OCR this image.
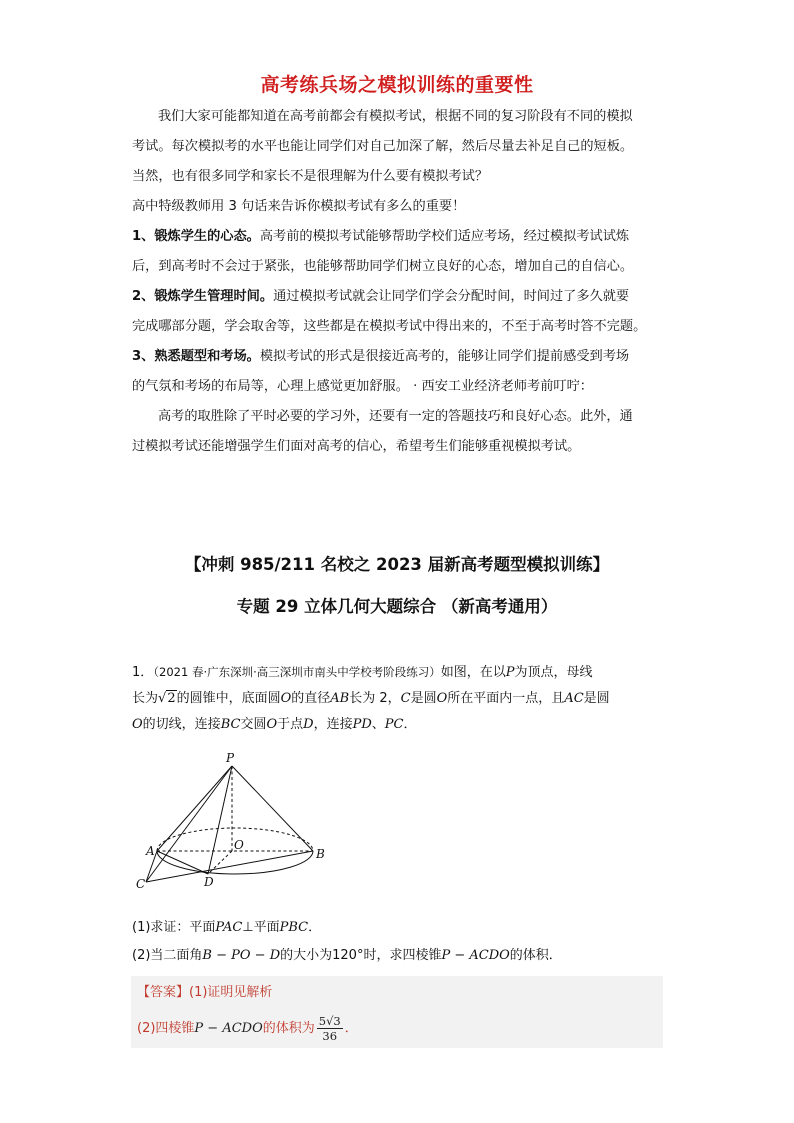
高考练兵场之模拟训练的重要性

我们大家可能都知道在高考前都会有模拟考试，根据不同的复习阶段有不同的模拟

考试。每次模拟考的水平也能让同学们对自己加深了解，然后尽量去补足自己的短板。

当然，也有很多同学和家长不是很理解为什么要有模拟考试？

高中特级教师用 3 句话来告诉你模拟考试有多么的重要！

1、锻炼学生的心态。高考前的模拟考试能够帮助学校们适应考场，经过模拟考试试炼

后，到高考时不会过于紧张，也能够帮助同学们树立良好的心态，增加自己的自信心。

2、锻炼学生管理时间。通过模拟考试就会让同学们学会分配时间，时间过了多久就要

完成哪部分题，学会取舍等，这些都是在模拟考试中得出来的，不至于高考时答不完题。

3、熟悉题型和考场。模拟考试的形式是很接近高考的，能够让同学们提前感受到考场

的气氛和考场的布局等，心理上感觉更加舒服。 · 西安工业经济老师考前叮咛：

高考的取胜除了平时必要的学习外，还要有一定的答题技巧和良好心态。此外，通

过模拟考试还能增强学生们面对高考的信心，希望考生们能够重视模拟考试。

【冲刺 985/211 名校之 2023 届新高考题型模拟训练】
专题 29 立体几何大题综合 （新高考通用）

1．（2021 春·广东深圳·高三深圳市南头中学校考阶段练习）如图，在以P为顶点，母线

长为√2的圆锥中，底面圆O的直径AB长为 2，C是圆O所在平面内一点，且AC是圆

O的切线，连接BC交圆O于点D，连接PD、PC．

P
A	O
B
C	D

(1)求证：平面PAC⊥平面PBC．

(2)当二面角B − PO − D的大小为120°时，求四棱锥P − ACDO的体积．

【答案】(1)证明见解析
(2)四棱锥P − ACDO的体积为 $\frac{5√3}{36}$ ．
